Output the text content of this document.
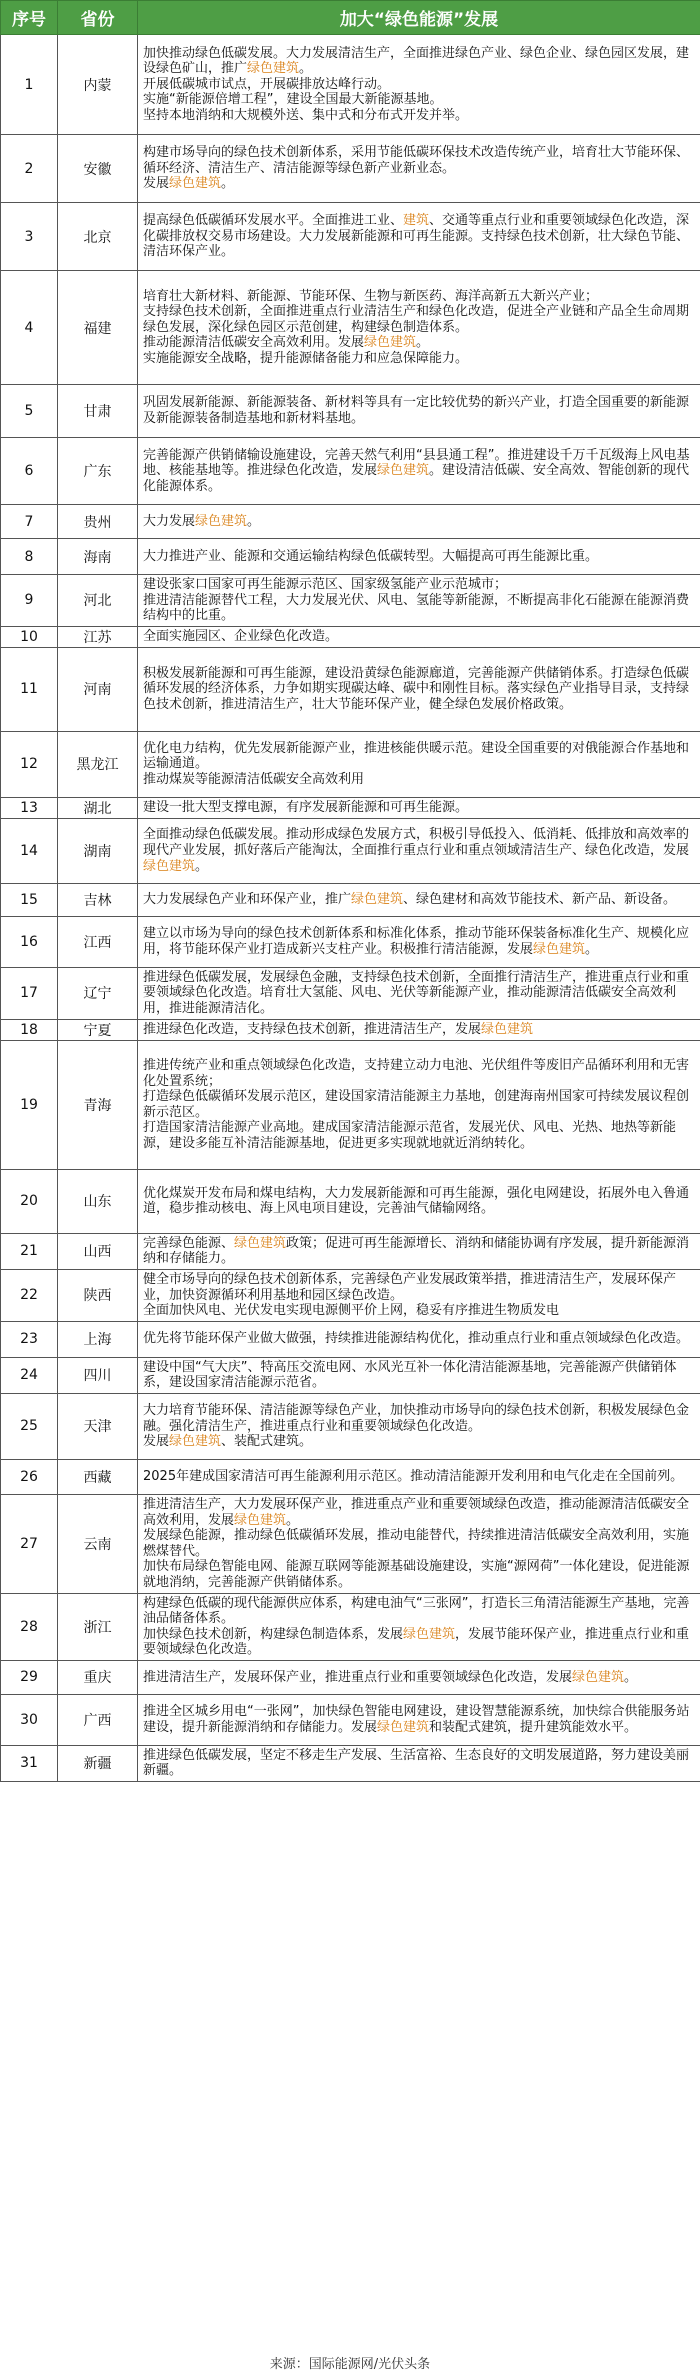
序号	省份	加大“绿色能源”发展
1	内蒙	加快推动绿色低碳发展。大力发展清洁生产，全面推进绿色产业、绿色企业、绿色园区发展，建设绿色矿山，推广绿色建筑。
开展低碳城市试点，开展碳排放达峰行动。
实施“新能源倍增工程”，建设全国最大新能源基地。
坚持本地消纳和大规模外送、集中式和分布式开发并举。
2	安徽	构建市场导向的绿色技术创新体系，采用节能低碳环保技术改造传统产业，培育壮大节能环保、循环经济、清洁生产、清洁能源等绿色新产业新业态。
发展绿色建筑。
3	北京	提高绿色低碳循环发展水平。全面推进工业、建筑、交通等重点行业和重要领域绿色化改造，深化碳排放权交易市场建设。大力发展新能源和可再生能源。支持绿色技术创新，壮大绿色节能、清洁环保产业。
4	福建	培育壮大新材料、新能源、节能环保、生物与新医药、海洋高新五大新兴产业；
支持绿色技术创新，全面推进重点行业清洁生产和绿色化改造，促进全产业链和产品全生命周期绿色发展，深化绿色园区示范创建，构建绿色制造体系。
推动能源清洁低碳安全高效利用。发展绿色建筑。
实施能源安全战略，提升能源储备能力和应急保障能力。
5	甘肃	巩固发展新能源、新能源装备、新材料等具有一定比较优势的新兴产业，打造全国重要的新能源及新能源装备制造基地和新材料基地。
6	广东	完善能源产供销储输设施建设，完善天然气利用“县县通工程”。推进建设千万千瓦级海上风电基地、核能基地等。推进绿色化改造，发展绿色建筑。建设清洁低碳、安全高效、智能创新的现代化能源体系。
7	贵州	大力发展绿色建筑。
8	海南	大力推进产业、能源和交通运输结构绿色低碳转型。大幅提高可再生能源比重。
9	河北	建设张家口国家可再生能源示范区、国家级氢能产业示范城市；
推进清洁能源替代工程，大力发展光伏、风电、氢能等新能源，不断提高非化石能源在能源消费结构中的比重。
10	江苏	全面实施园区、企业绿色化改造。
11	河南	积极发展新能源和可再生能源，建设沿黄绿色能源廊道，完善能源产供储销体系。打造绿色低碳循环发展的经济体系，力争如期实现碳达峰、碳中和刚性目标。落实绿色产业指导目录，支持绿色技术创新，推进清洁生产，壮大节能环保产业，健全绿色发展价格政策。
12	黑龙江	优化电力结构，优先发展新能源产业，推进核能供暖示范。建设全国重要的对俄能源合作基地和运输通道。
推动煤炭等能源清洁低碳安全高效利用
13	湖北	建设一批大型支撑电源，有序发展新能源和可再生能源。
14	湖南	全面推动绿色低碳发展。推动形成绿色发展方式，积极引导低投入、低消耗、低排放和高效率的现代产业发展，抓好落后产能淘汰，全面推行重点行业和重点领域清洁生产、绿色化改造，发展绿色建筑。
15	吉林	大力发展绿色产业和环保产业，推广绿色建筑、绿色建材和高效节能技术、新产品、新设备。
16	江西	建立以市场为导向的绿色技术创新体系和标准化体系，推动节能环保装备标准化生产、规模化应用，将节能环保产业打造成新兴支柱产业。积极推行清洁能源，发展绿色建筑。
17	辽宁	推进绿色低碳发展，发展绿色金融，支持绿色技术创新，全面推行清洁生产，推进重点行业和重要领域绿色化改造。培育壮大氢能、风电、光伏等新能源产业，推动能源清洁低碳安全高效利用，推进能源清洁化。
18	宁夏	推进绿色化改造，支持绿色技术创新，推进清洁生产，发展绿色建筑
19	青海	推进传统产业和重点领域绿色化改造，支持建立动力电池、光伏组件等废旧产品循环利用和无害化处置系统；
打造绿色低碳循环发展示范区，建设国家清洁能源主力基地，创建海南州国家可持续发展议程创新示范区。
打造国家清洁能源产业高地。建成国家清洁能源示范省，发展光伏、风电、光热、地热等新能源，建设多能互补清洁能源基地，促进更多实现就地就近消纳转化。
20	山东	优化煤炭开发布局和煤电结构，大力发展新能源和可再生能源，强化电网建设，拓展外电入鲁通道，稳步推动核电、海上风电项目建设，完善油气储输网络。
21	山西	完善绿色能源、绿色建筑政策；促进可再生能源增长、消纳和储能协调有序发展，提升新能源消纳和存储能力。
22	陕西	健全市场导向的绿色技术创新体系，完善绿色产业发展政策举措，推进清洁生产，发展环保产业，加快资源循环利用基地和园区绿色改造。
全面加快风电、光伏发电实现电源侧平价上网，稳妥有序推进生物质发电
23	上海	优先将节能环保产业做大做强，持续推进能源结构优化，推动重点行业和重点领域绿色化改造。
24	四川	建设中国“气大庆”、特高压交流电网、水风光互补一体化清洁能源基地，完善能源产供储销体系，建设国家清洁能源示范省。
25	天津	大力培育节能环保、清洁能源等绿色产业，加快推动市场导向的绿色技术创新，积极发展绿色金融。强化清洁生产，推进重点行业和重要领域绿色化改造。
发展绿色建筑、装配式建筑。
26	西藏	2025年建成国家清洁可再生能源利用示范区。推动清洁能源开发利用和电气化走在全国前列。
27	云南	推进清洁生产，大力发展环保产业，推进重点产业和重要领域绿色改造，推动能源清洁低碳安全高效利用，发展绿色建筑。
发展绿色能源，推动绿色低碳循环发展，推动电能替代，持续推进清洁低碳安全高效利用，实施燃煤替代。
加快布局绿色智能电网、能源互联网等能源基础设施建设，实施“源网荷”一体化建设，促进能源就地消纳，完善能源产供销储体系。
28	浙江	构建绿色低碳的现代能源供应体系，构建电油气“三张网”，打造长三角清洁能源生产基地，完善油品储备体系。
加快绿色技术创新，构建绿色制造体系，发展绿色建筑，发展节能环保产业，推进重点行业和重要领域绿色化改造。
29	重庆	推进清洁生产，发展环保产业，推进重点行业和重要领域绿色化改造，发展绿色建筑。
30	广西	推进全区城乡用电“一张网”，加快绿色智能电网建设，建设智慧能源系统，加快综合供能服务站建设，提升新能源消纳和存储能力。发展绿色建筑和装配式建筑，提升建筑能效水平。
31	新疆	推进绿色低碳发展，坚定不移走生产发展、生活富裕、生态良好的文明发展道路，努力建设美丽新疆。
来源：国际能源网/光伏头条
